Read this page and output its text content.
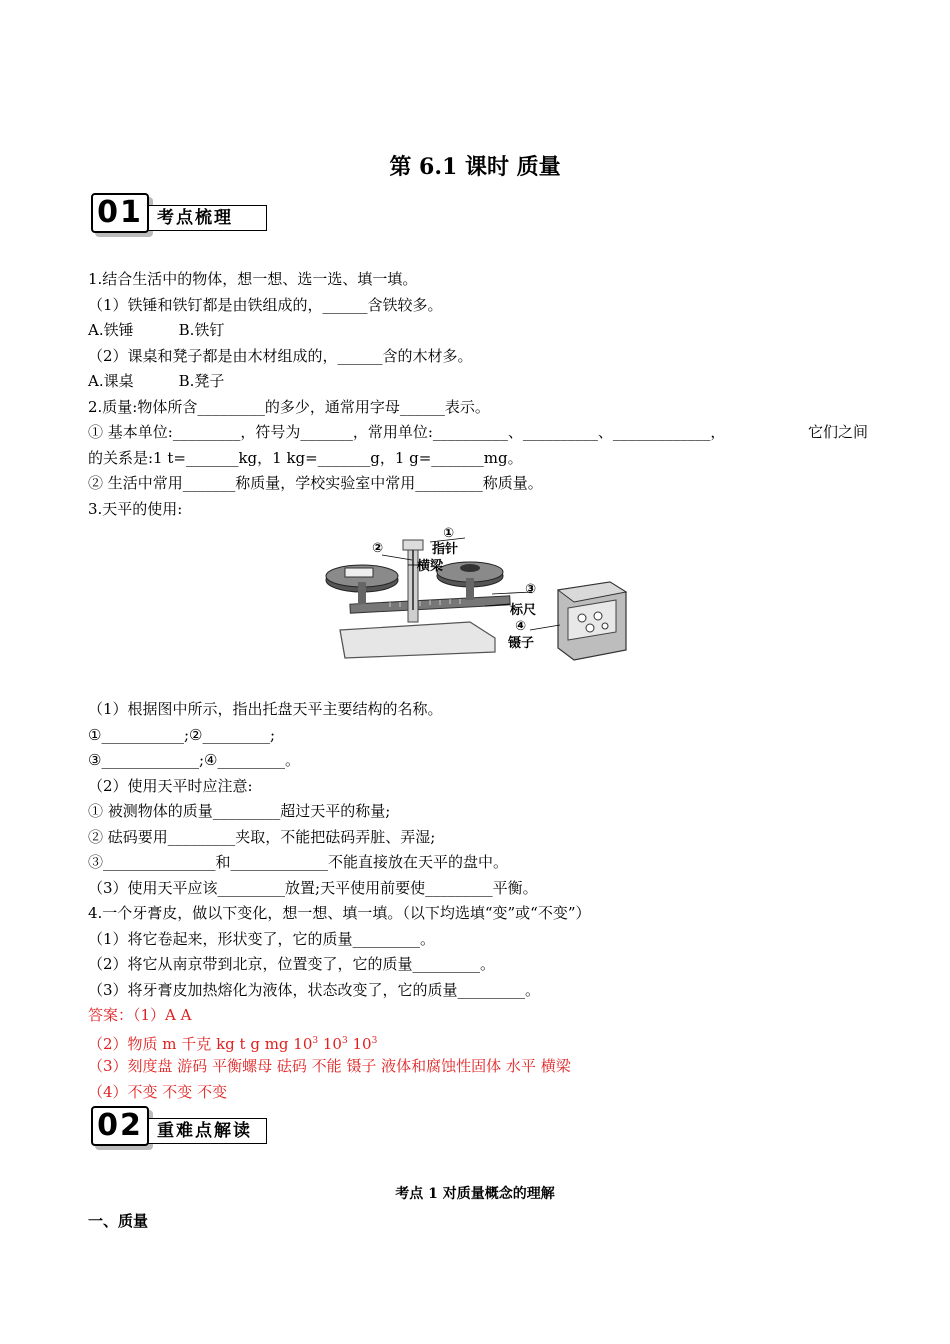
第 6.1 课时 质量
考点梳理
01
1.结合生活中的物体，想一想、选一选、填一填。
（1）铁锤和铁钉都是由铁组成的，______含铁较多。
A.铁锤　　　B.铁钉
（2）课桌和凳子都是由木材组成的，______含的木材多。
A.课桌　　　B.凳子
2.质量:物体所含_________的多少，通常用字母______表示。
① 基本单位:_________，符号为_______，常用单位:__________、__________、_____________，	它们之间
的关系是:1 t=_______kg，1 kg=_______g，1 g=_______mg。
② 生活中常用_______称质量，学校实验室中常用_________称质量。
3.天平的使用:
①
指针
②
横梁
③
标尺
④
镊子
（1）根据图中所示，指出托盘天平主要结构的名称。
①___________;②_________;
③_____________;④_________。
（2）使用天平时应注意:
① 被测物体的质量_________超过天平的称量;
② 砝码要用_________夹取，不能把砝码弄脏、弄湿;
③_______________和_____________不能直接放在天平的盘中。
（3）使用天平应该_________放置;天平使用前要使_________平衡。
4.一个牙膏皮，做以下变化，想一想、填一填。（以下均选填“变”或“不变”）
（1）将它卷起来，形状变了，它的质量_________。
（2）将它从南京带到北京，位置变了，它的质量_________。
（3）将牙膏皮加热熔化为液体，状态改变了，它的质量_________。
答案：（1）A A
（2）物质 m 千克 kg t g mg $10^3$ $10^3$ $10^3$
（3）刻度盘 游码 平衡螺母 砝码 不能 镊子 液体和腐蚀性固体 水平 横梁
（4）不变 不变 不变
重难点解读
02
考点 1 对质量概念的理解
一、质量
